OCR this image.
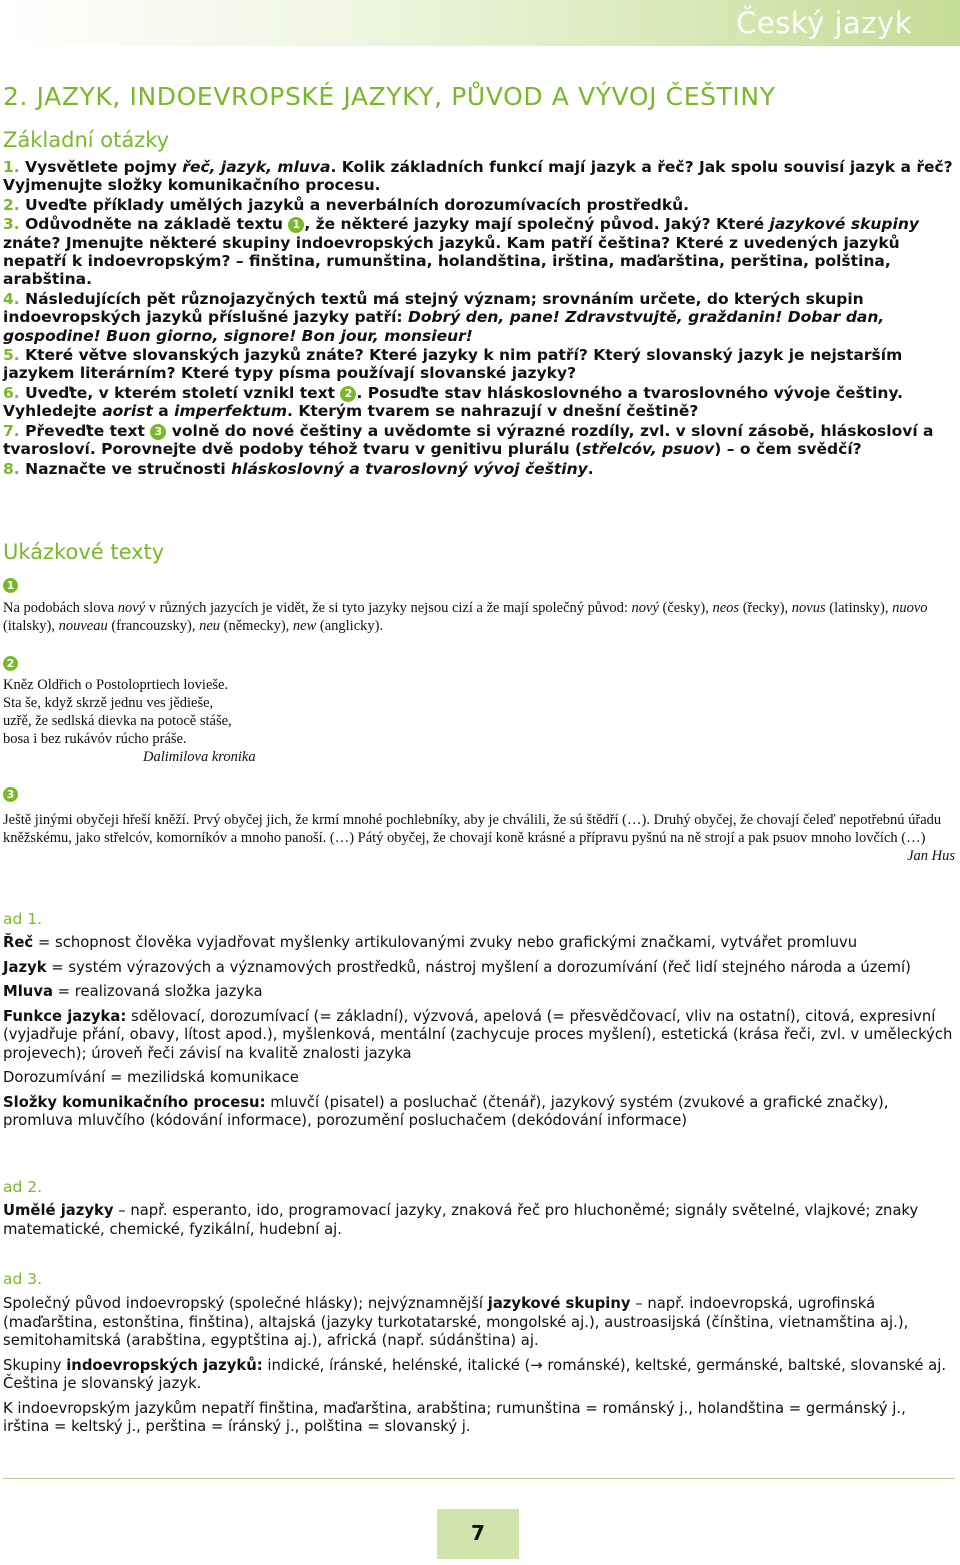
Český jazyk
2. JAZYK, INDOEVROPSKÉ JAZYKY, PŮVOD A VÝVOJ ČEŠTINY
Základní otázky
1. Vysvětlete pojmy řeč, jazyk, mluva. Kolik základních funkcí mají jazyk a řeč? Jak spolu souvisí jazyk a řeč? Vyjmenujte složky komunikačního procesu.
2. Uveďte příklady umělých jazyků a neverbálních dorozumívacích prostředků.
3. Odůvodněte na základě textu 1 , že některé jazyky mají společný původ. Jaký? Které jazykové skupiny znáte? Jmenujte některé skupiny indoevropských jazyků. Kam patří čeština? Které z uvedených jazyků nepatří k indoevropským? – finština, rumunština, holandština, irština, maďarština, perština, polština, arabština.
4. Následujících pět různojazyčných textů má stejný význam; srovnáním určete, do kterých skupin indoevropských jazyků příslušné jazyky patří: Dobrý den, pane! Zdravstvujtě, graždanin! Dobar dan, gospodine! Buon giorno, signore! Bon jour, monsieur!
5. Které větve slovanských jazyků znáte? Které jazyky k nim patří? Který slovanský jazyk je nejstarším jazykem literárním? Které typy písma používají slovanské jazyky?
6. Uveďte, v kterém století vznikl text 2 . Posuďte stav hláskoslovného a tvaroslovného vývoje češtiny. Vyhledejte aorist a imperfektum. Kterým tvarem se nahrazují v dnešní češtině?
7. Převeďte text 3 volně do nové češtiny a uvědomte si výrazné rozdíly, zvl. v slovní zásobě, hláskosloví a tvarosloví. Porovnejte dvě podoby téhož tvaru v genitivu plurálu (střelcóv, psuov) – o čem svědčí?
8. Naznačte ve stručnosti hláskoslovný a tvaroslovný vývoj češtiny.
Ukázkové texty
1
Na podobách slova nový v různých jazycích je vidět, že si tyto jazyky nejsou cizí a že mají společný původ: nový (česky), neos (řecky), novus (latinsky), nuovo (italsky), nouveau (francouzsky), neu (německy), new (anglicky).
2

Kněz Oldřich o Postoloprtiech lovieše.

Sta še, když skrzě jednu ves jědieše,

uzřě, že sedlská dievka na potocě stáše,

bosa i bez rukávóv rúcho práše.

Dalimilova kronika

3
Ještě jinými obyčeji hřeší kněží. Prvý obyčej jich, že krmí mnohé pochlebníky, aby je chválili, že sú štědří (…). Druhý obyčej, že chovají čeleď nepotřebnú úřadu kněžskému, jako střelcóv, komorníkóv a mnoho panoší. (…) Pátý obyčej, že chovají koně krásné a přípravu pyšnú na ně strojí a pak psuov mnoho lovčích (…)
Jan Hus
ad 1.

Řeč = schopnost člověka vyjadřovat myšlenky artikulovanými zvuky nebo grafickými značkami, vytvářet promluvu

Jazyk = systém výrazových a významových prostředků, nástroj myšlení a dorozumívání (řeč lidí stejného národa a území)

Mluva = realizovaná složka jazyka

Funkce jazyka: sdělovací, dorozumívací (= základní), výzvová, apelová (= přesvědčovací, vliv na ostatní), citová, expresivní (vyjadřuje přání, obavy, lítost apod.), myšlenková, mentální (zachycuje proces myšlení), estetická (krása řeči, zvl. v uměleckých projevech); úroveň řeči závisí na kvalitě znalosti jazyka

Dorozumívání = mezilidská komunikace

Složky komunikačního procesu: mluvčí (pisatel) a posluchač (čtenář), jazykový systém (zvukové a grafické značky), promluva mluvčího (kódování informace), porozumění posluchačem (dekódování informace)

ad 2.

Umělé jazyky – např. esperanto, ido, programovací jazyky, znaková řeč pro hluchoněmé; signály světelné, vlajkové; znaky matematické, chemické, fyzikální, hudební aj.

ad 3.

Společný původ indoevropský (společné hlásky); nejvýznamnější jazykové skupiny – např. indoevropská, ugrofinská (maďarština, estonština, finština), altajská (jazyky turkotatarské, mongolské aj.), austroasijská (čínština, vietnamština aj.), semitohamitská (arabština, egyptština aj.), africká (např. súdánština) aj.

Skupiny indoevropských jazyků: indické, íránské, helénské, italické (→ románské), keltské, germánské, baltské, slovanské aj. Čeština je slovanský jazyk.

K indoevropským jazykům nepatří finština, maďarština, arabština; rumunština = románský j., holandština = germánský j., irština = keltský j., perština = íránský j., polština = slovanský j.

7
